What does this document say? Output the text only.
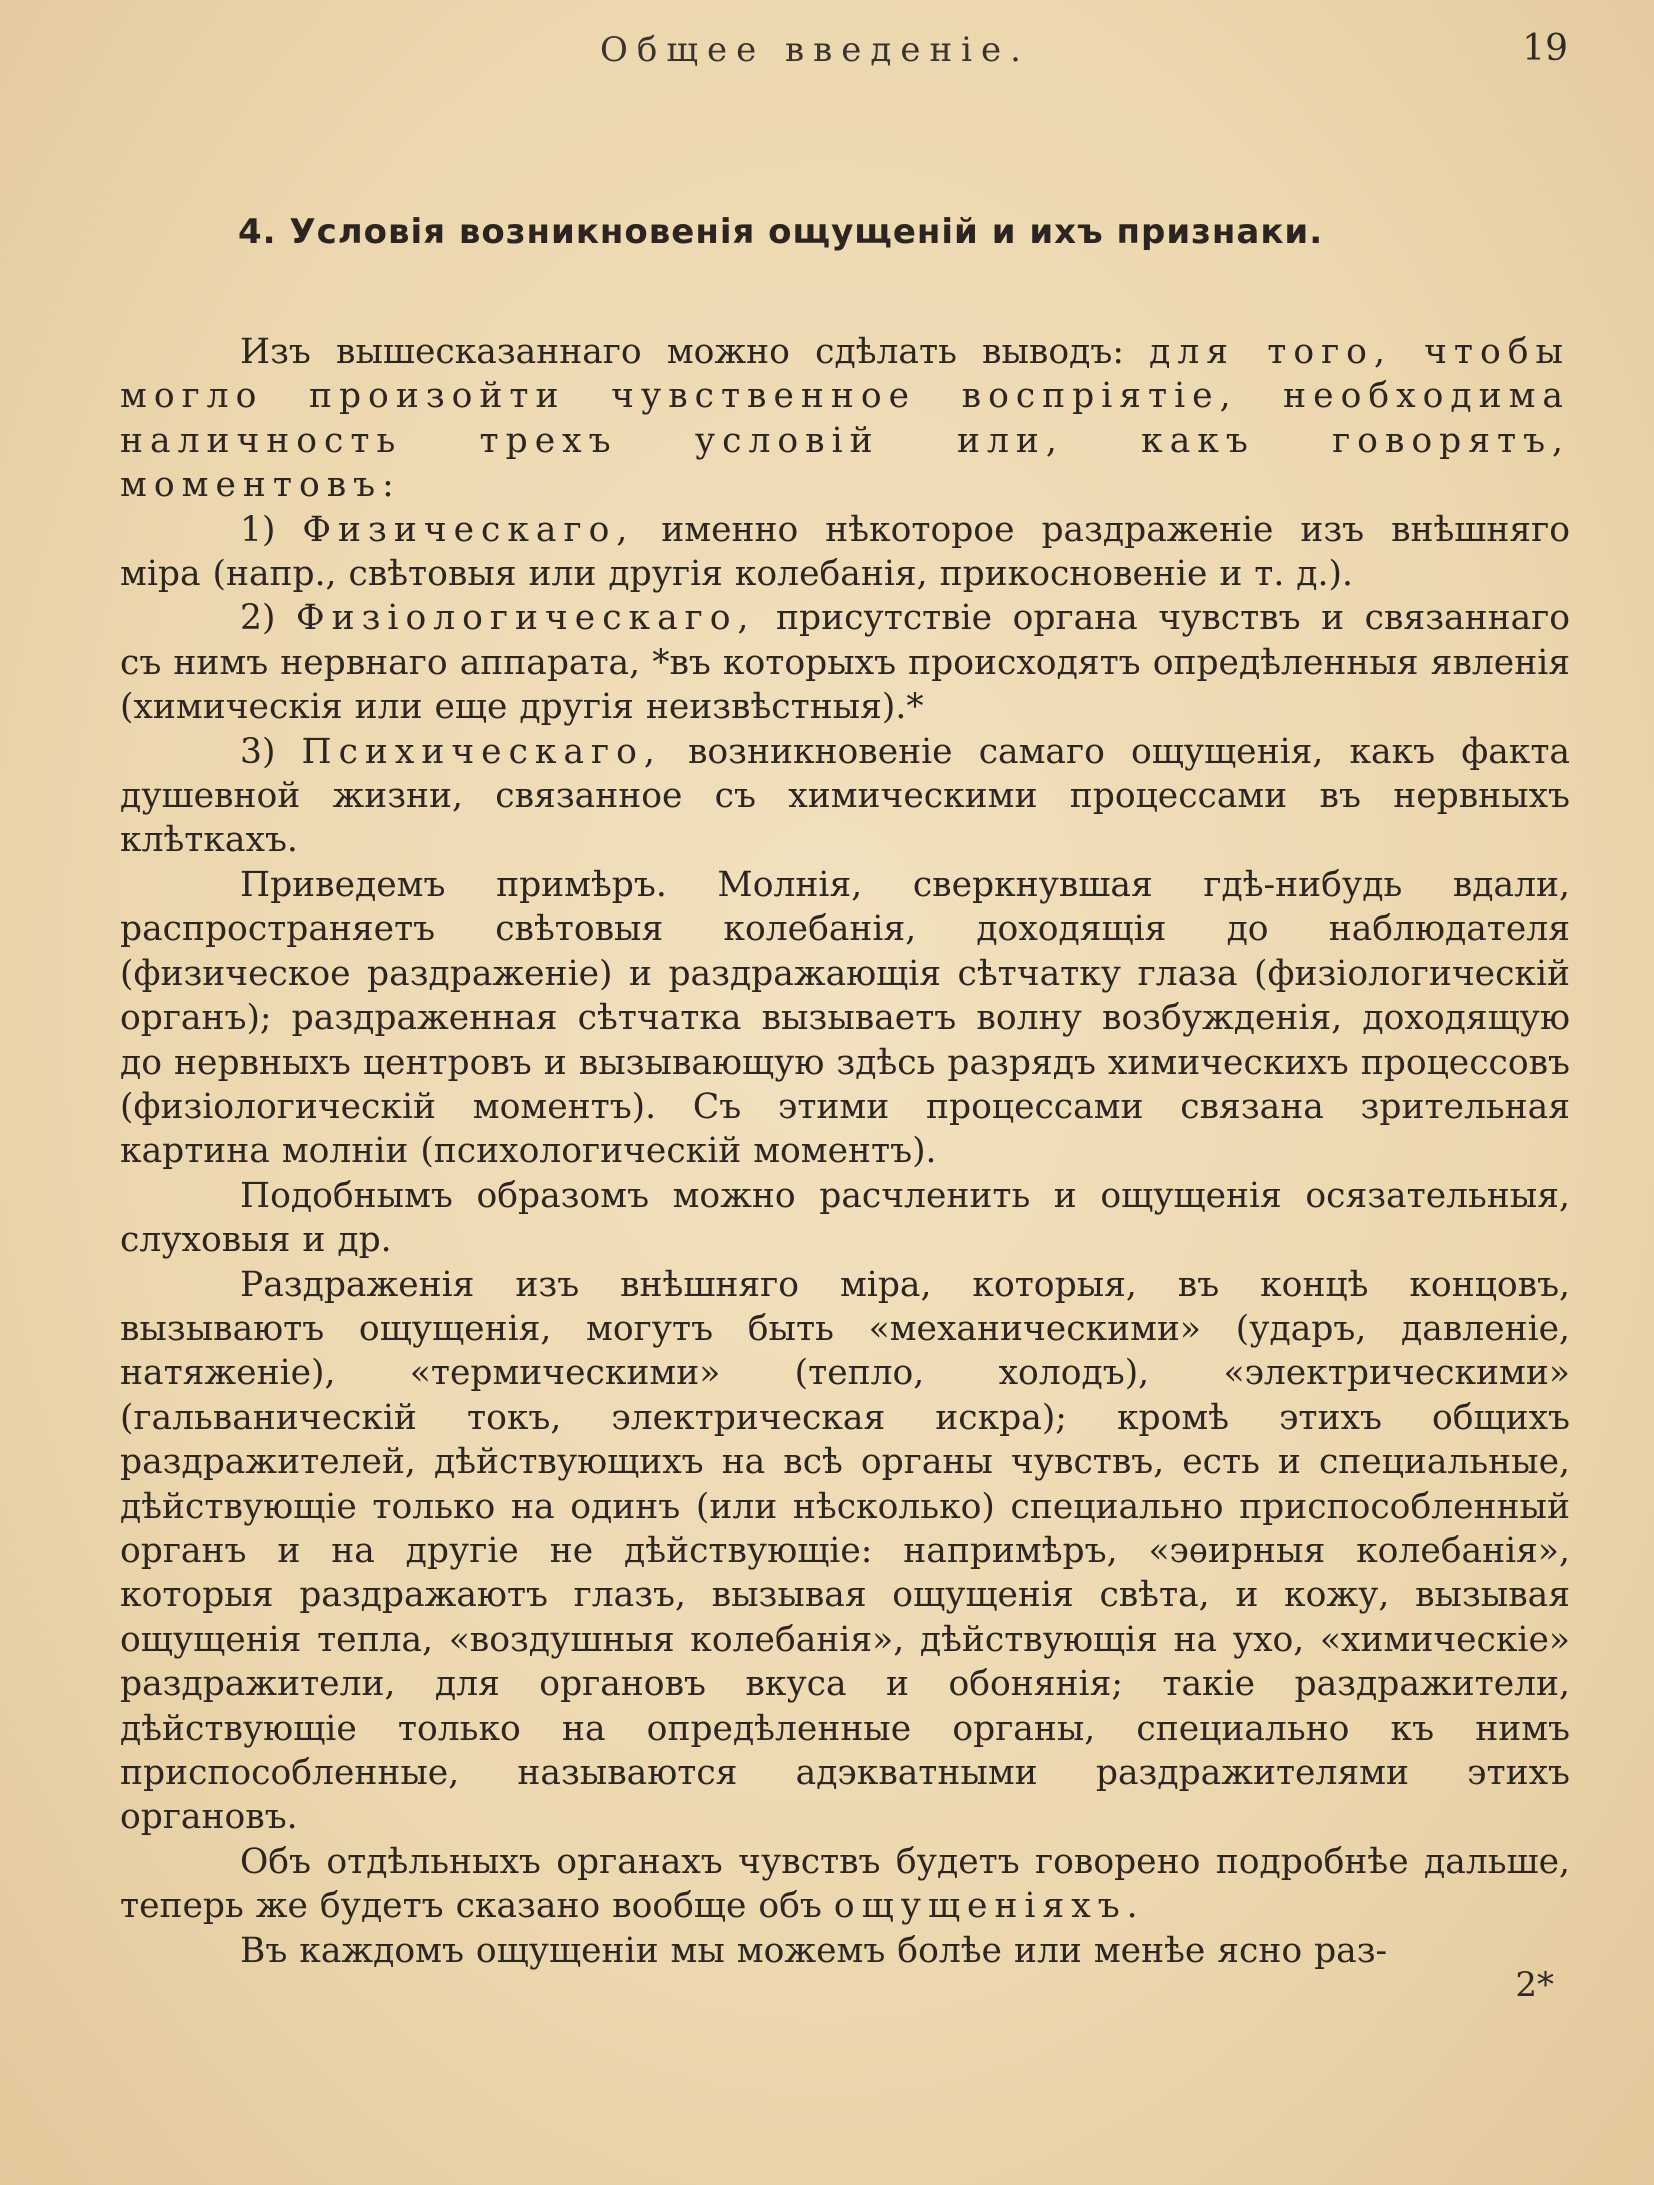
Общее введеніе.	19
4. Условія возникновенія ощущеній и ихъ признаки.

Изъ вышесказаннаго можно сдѣлать выводъ: для того, чтобы могло произойти чувственное воспріятіе, необходима наличность трехъ условій или, какъ говорятъ, моментовъ:

1) Физическаго, именно нѣкоторое раздраженіе изъ внѣшняго міра (напр., свѣтовыя или другія колебанія, прикосновеніе и т. д.).

2) Физіологическаго, присутствіе органа чувствъ и связаннаго съ нимъ нервнаго аппарата, *въ которыхъ происходятъ опредѣленныя явленія (химическія или еще другія неизвѣстныя).*

3) Психическаго, возникновеніе самаго ощущенія, какъ факта душевной жизни, связанное съ химическими процессами въ нервныхъ клѣткахъ.

Приведемъ примѣръ. Молнія, сверкнувшая гдѣ-нибудь вдали, распространяетъ свѣтовыя колебанія, доходящія до наблюдателя (физическое раздраженіе) и раздражающія сѣтчатку глаза (физіологическій органъ); раздраженная сѣтчатка вызываетъ волну возбужденія, доходящую до нервныхъ центровъ и вызывающую здѣсь разрядъ химическихъ процессовъ (физіологическій моментъ). Съ этими процессами связана зрительная картина молніи (психологическій моментъ).

Подобнымъ образомъ можно расчленить и ощущенія осязательныя, слуховыя и др.

Раздраженія изъ внѣшняго міра, которыя, въ концѣ концовъ, вызываютъ ощущенія, могутъ быть «механическими» (ударъ, давленіе, натяженіе), «термическими» (тепло, холодъ), «электрическими» (гальваническій токъ, электрическая искра); кромѣ этихъ общихъ раздражителей, дѣйствующихъ на всѣ органы чувствъ, есть и специальные, дѣйствующіе только на одинъ (или нѣсколько) специально приспособленный органъ и на другіе не дѣйствующіе: напримѣръ, «эѳирныя колебанія», которыя раздражаютъ глазъ, вызывая ощущенія свѣта, и кожу, вызывая ощущенія тепла, «воздушныя колебанія», дѣйствующія на ухо, «химическіе» раздражители, для органовъ вкуса и обонянія; такіе раздражители, дѣйствующіе только на опредѣленные органы, специально къ нимъ приспособленные, называются адэкватными раздражителями этихъ органовъ.

Объ отдѣльныхъ органахъ чувствъ будетъ говорено подробнѣе дальше, теперь же будетъ сказано вообще объ ощущеніяхъ.

Въ каждомъ ощущеніи мы можемъ болѣе или менѣе ясно раз-

2*
